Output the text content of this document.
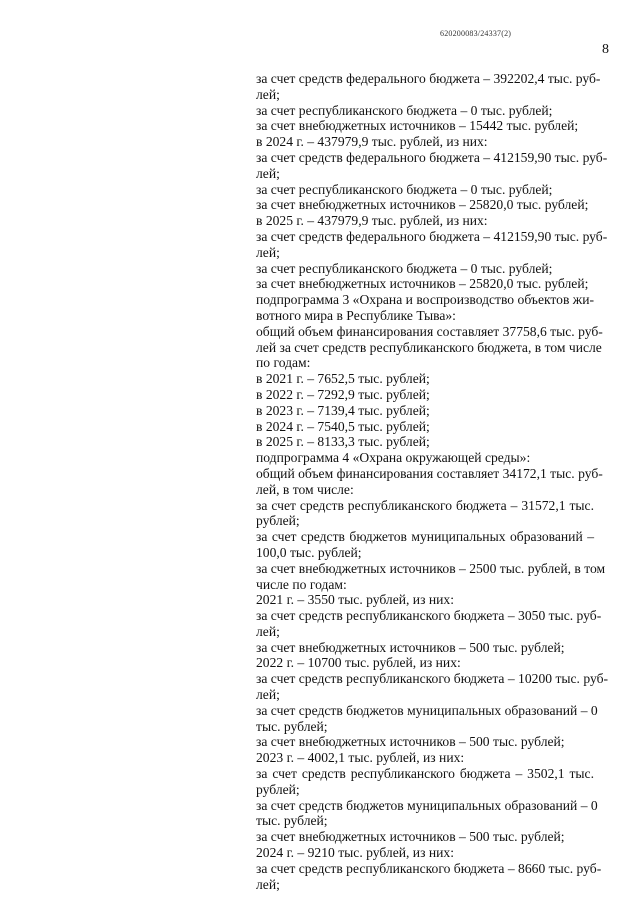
620200083/24337(2)
8
за счет средств федерального бюджета – 392202,4 тыс. руб-
лей;
за счет республиканского бюджета – 0 тыс. рублей;
за счет внебюджетных источников – 15442 тыс. рублей;
в 2024 г. – 437979,9 тыс. рублей, из них:
за счет средств федерального бюджета – 412159,90 тыс. руб-
лей;
за счет республиканского бюджета – 0 тыс. рублей;
за счет внебюджетных источников – 25820,0 тыс. рублей;
в 2025 г. – 437979,9 тыс. рублей, из них:
за счет средств федерального бюджета – 412159,90 тыс. руб-
лей;
за счет республиканского бюджета – 0 тыс. рублей;
за счет внебюджетных источников – 25820,0 тыс. рублей;
подпрограмма 3 «Охрана и воспроизводство объектов жи-
вотного мира в Республике Тыва»:
общий объем финансирования составляет 37758,6 тыс. руб-
лей за счет средств республиканского бюджета, в том числе
по годам:
в 2021 г. – 7652,5 тыс. рублей;
в 2022 г. – 7292,9 тыс. рублей;
в 2023 г. – 7139,4 тыс. рублей;
в 2024 г. – 7540,5 тыс. рублей;
в 2025 г. – 8133,3 тыс. рублей;
подпрограмма 4 «Охрана окружающей среды»:
общий объем финансирования составляет 34172,1 тыс. руб-
лей, в том числе:
за счет средств республиканского бюджета – 31572,1 тыс.
рублей;
за счет средств бюджетов муниципальных образований –
100,0 тыс. рублей;
за счет внебюджетных источников – 2500 тыс. рублей, в том
числе по годам:
2021 г. – 3550 тыс. рублей, из них:
за счет средств республиканского бюджета – 3050 тыс. руб-
лей;
за счет внебюджетных источников – 500 тыс. рублей;
2022 г. – 10700 тыс. рублей, из них:
за счет средств республиканского бюджета – 10200 тыс. руб-
лей;
за счет средств бюджетов муниципальных образований – 0
тыс. рублей;
за счет внебюджетных источников – 500 тыс. рублей;
2023 г. – 4002,1 тыс. рублей, из них:
за счет средств республиканского бюджета – 3502,1 тыс.
рублей;
за счет средств бюджетов муниципальных образований – 0
тыс. рублей;
за счет внебюджетных источников – 500 тыс. рублей;
2024 г. – 9210 тыс. рублей, из них:
за счет средств республиканского бюджета – 8660 тыс. руб-
лей;
